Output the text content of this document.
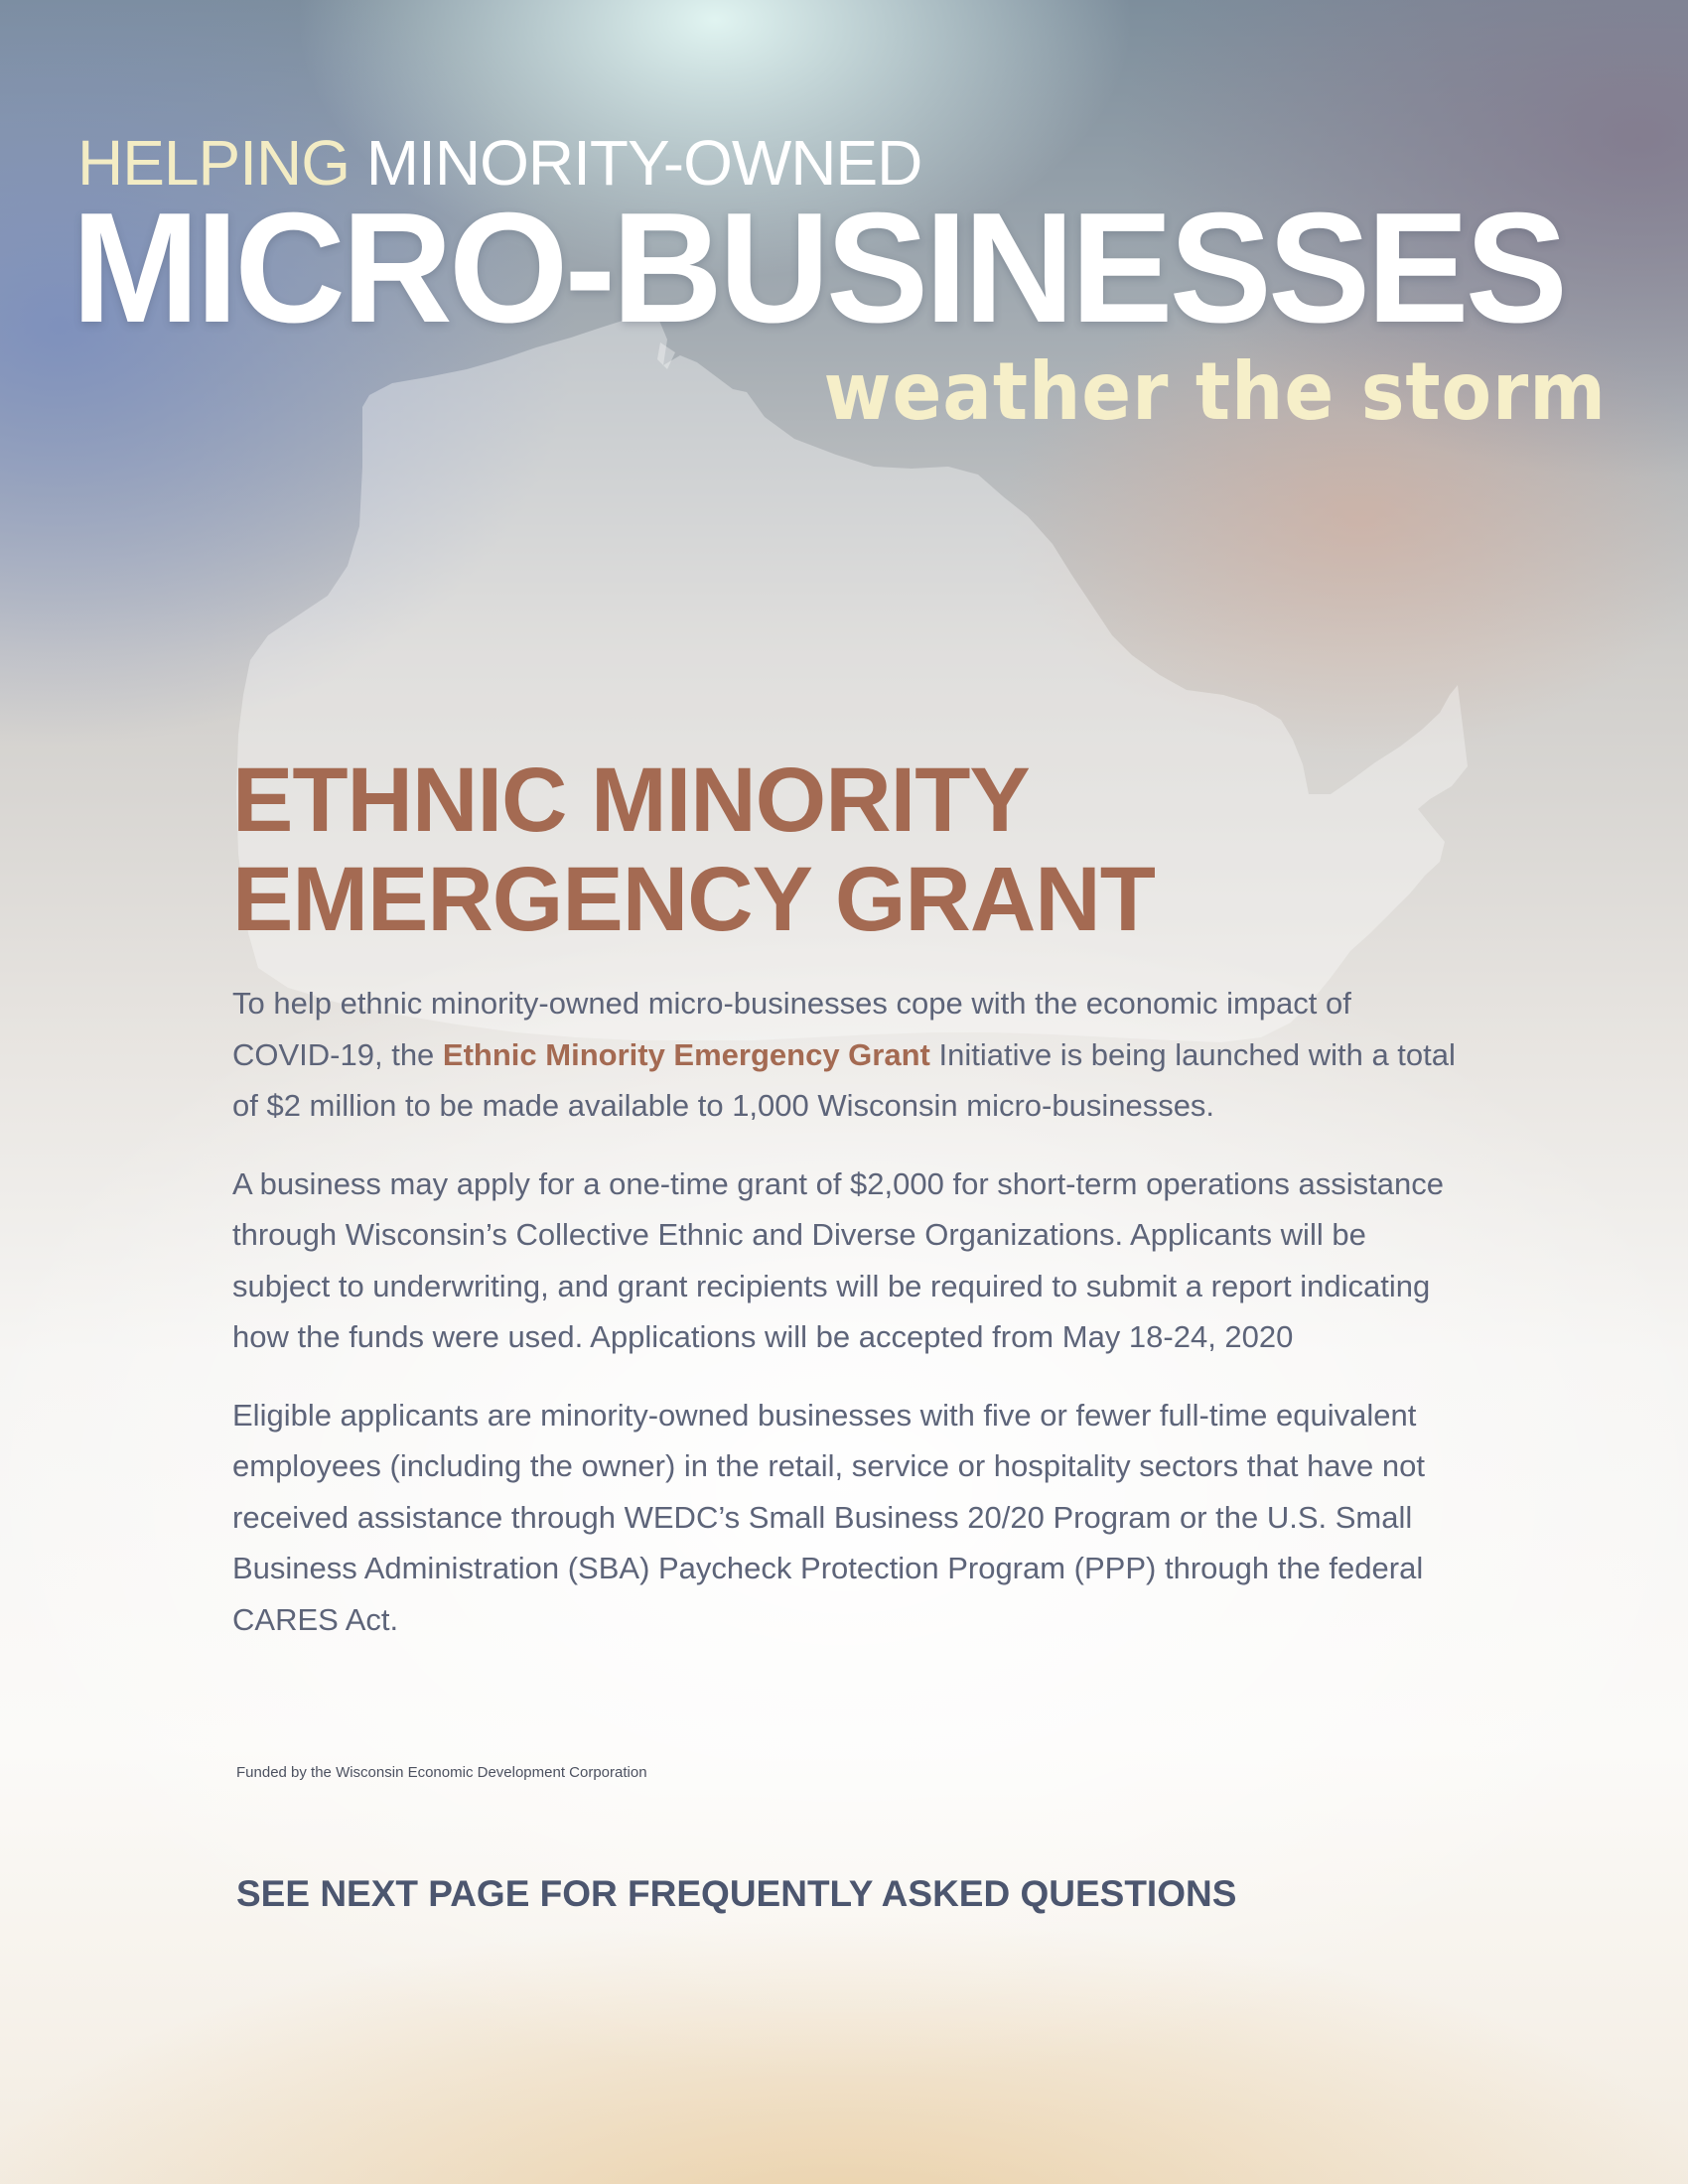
HELPING MINORITY-OWNED
MICRO-BUSINESSES
weather the storm
ETHNIC MINORITY
EMERGENCY GRANT

To help ethnic minority-owned micro-businesses cope with the economic impact of COVID-19, the Ethnic Minority Emergency Grant Initiative is being launched with a total of $2 million to be made available to 1,000 Wisconsin micro-businesses.

A business may apply for a one-time grant of $2,000 for short-term operations assistance through Wisconsin’s Collective Ethnic and Diverse Organizations. Applicants will be subject to underwriting, and grant recipients will be required to submit a report indicating how the funds were used. Applications will be accepted from May 18-24, 2020

Eligible applicants are minority-owned businesses with five or fewer full-time equivalent employees (including the owner) in the retail, service or hospitality sectors that have not received assistance through WEDC’s Small Business 20/20 Program or the U.S. Small Business Administration (SBA) Paycheck Protection Program (PPP) through the federal CARES Act.

Funded by the Wisconsin Economic Development Corporation

SEE NEXT PAGE FOR FREQUENTLY ASKED QUESTIONS
